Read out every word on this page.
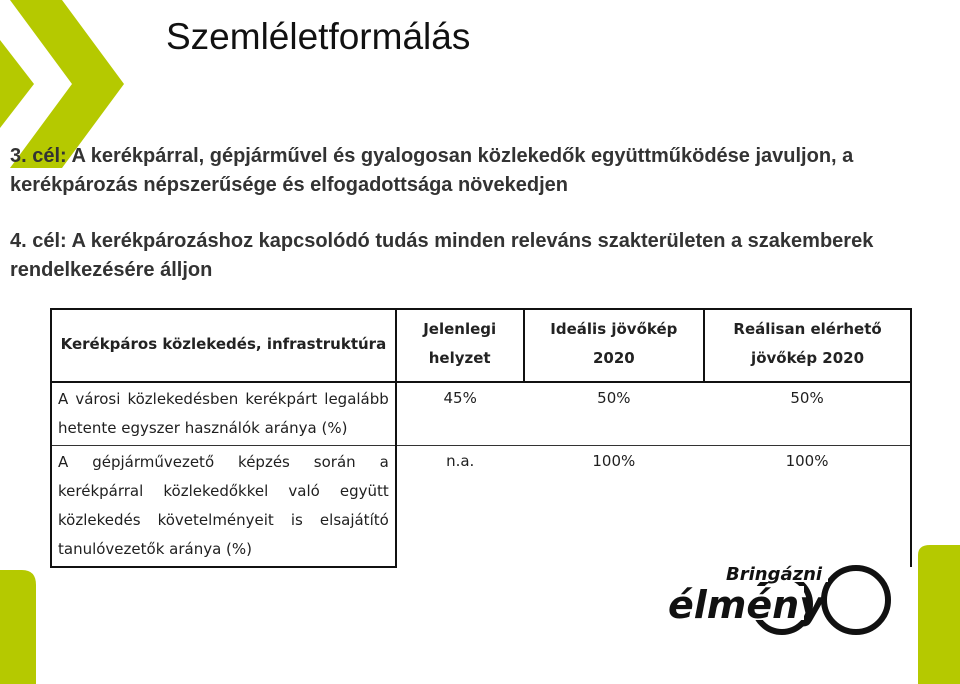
Szemléletformálás

3. cél: A kerékpárral, gépjárművel és gyalogosan közlekedők együttműködése javuljon, a kerékpározás népszerűsége és elfogadottsága növekedjen

4. cél: A kerékpározáshoz kapcsolódó tudás minden releváns szakterületen a szakemberek rendelkezésére álljon

Kerékpáros közlekedés, infrastruktúra	Jelenlegi helyzet	Ideális jövőkép 2020	Reálisan elérhető jövőkép 2020
A városi közlekedésben kerékpárt legalább hetente egyszer használók aránya (%)	45%	50%	50%
A gépjárművezető képzés során a kerékpárral közlekedőkkel való együtt közlekedés követelményeit is elsajátító tanulóvezetők aránya (%)	n.a.	100%	100%
Bringázni
élmény
